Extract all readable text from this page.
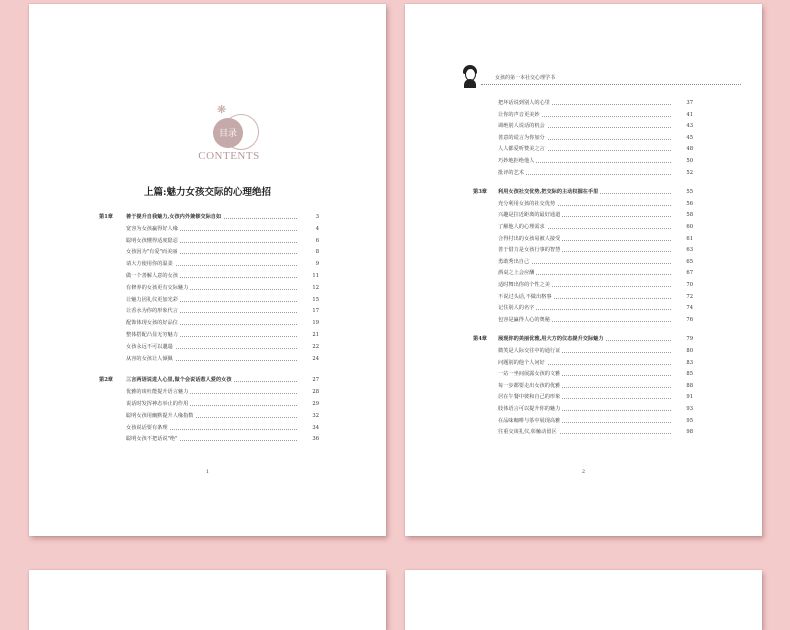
❋
目录
CONTENTS
上篇:魅力女孩交际的心理绝招
第1章	善于提升自我魅力,女孩内外兼修交际自如	3
宽容为女孩赢得好人缘	4
聪明女孩懂得适度隐忍	6
女孩因为"有爱"而美丽	8
请大方使用你的温柔	9
做一个善解人意的女孩	11
有修养的女孩更有交际魅力	12
让魅力因礼仪更加光彩	15
让香水为你的形象代言	17
配饰体现女孩的好品位	19
整体搭配凸显无穷魅力	21
女孩永远不可以邋遢	22
从容的女孩让人倾佩	24
第2章	三言两语说进人心里,做个会说话惹人爱的女孩	27
优雅的谈吐能提升语言魅力	28
说话时发挥神态举止的作用	29
聪明女孩用幽默提升人缘指数	32
女孩说话要有条理	34
聪明女孩不把话说"绝"	36
1
女孩的第一本社交心理学书
把坏话说到别人的心里	37
让你的声音更美妙	41
调绝别人说话的机会	43
善意的谎言为你加分	45
人人都爱听赞美之言	48
巧妙地拒绝他人	50
批评的艺术	52
第3章 利用女孩社交优势,把交际的主动权握在手里	55
充分利用女孩的社交优势	56
兴趣是拉近距离的最好通道	58
了解他人的心理需求	60
合得付出的女孩易被人接受	61
善于借力是女孩行事的智慧	63
勇敢秀出自己	65
酒桌之上会应酬	67
适时舞出你的个性之美	70
不说过头话,不做出格事	72
记住别人的名字	74
包容是赢得人心的奥秘	76
第4章 展现你的美丽优雅,用大方的仪态提升交际魅力	79
微笑是人际交往中的通行证	80
问题别的他个人问好	83
一站一坐间展露女孩的文雅	85
每一步都要走出女孩的优雅	88
居在午餐中彼和自己的形象	91
肢体语言可以提升你的魅力	93
在品味咖啡与茶中展现高雅	95
往重交谈礼仪,彰触动留区	98
2
